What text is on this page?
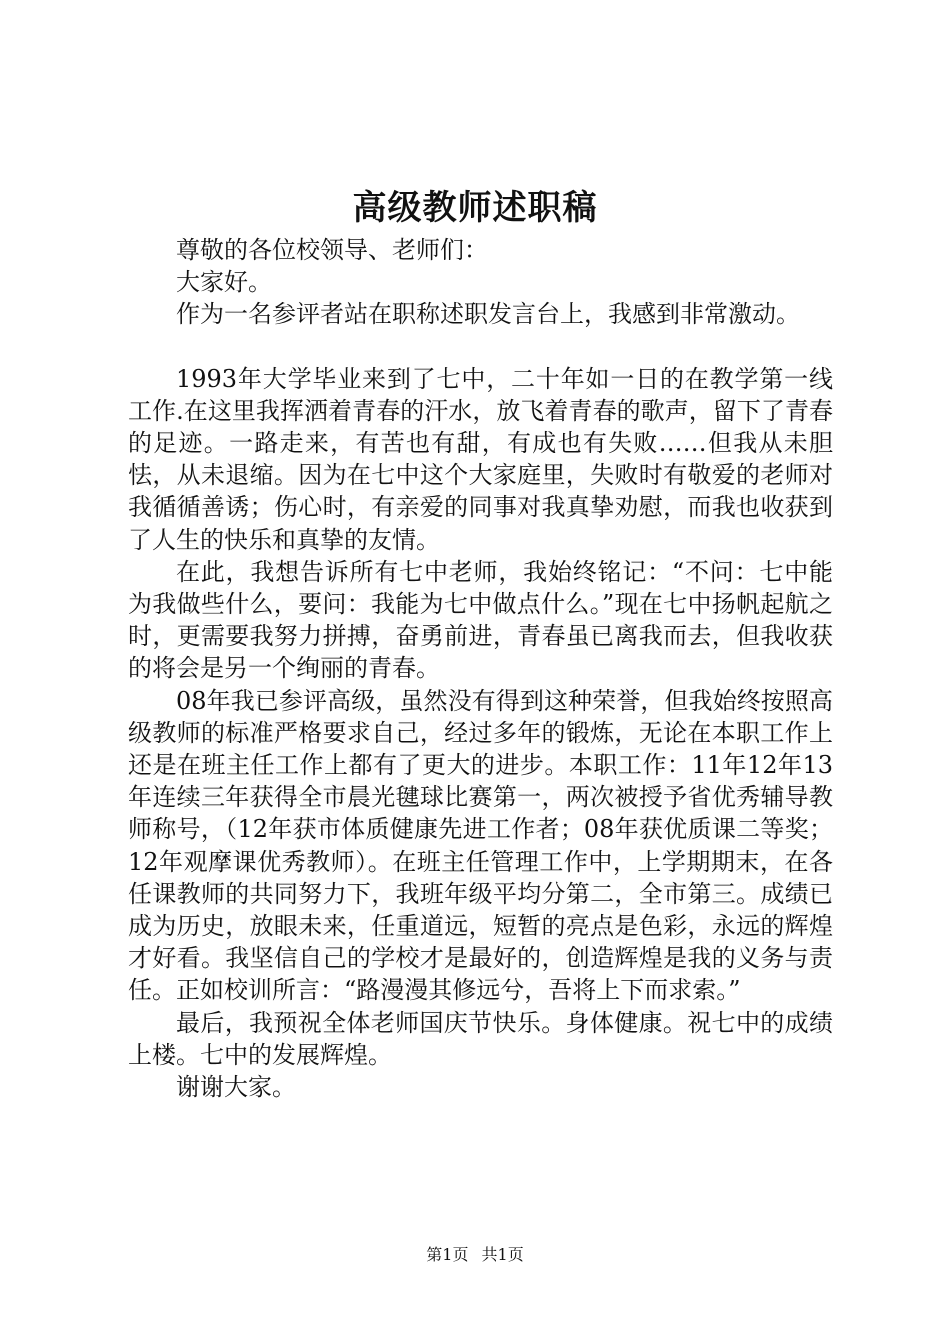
高级教师述职稿

尊敬的各位校领导、老师们：

大家好。

作为一名参评者站在职称述职发言台上，我感到非常激动。

1993年大学毕业来到了七中，二十年如一日的在教学第一线工作.在这里我挥洒着青春的汗水，放飞着青春的歌声，留下了青春的足迹。一路走来，有苦也有甜，有成也有失败……但我从未胆怯，从未退缩。因为在七中这个大家庭里，失败时有敬爱的老师对我循循善诱；伤心时，有亲爱的同事对我真挚劝慰，而我也收获到了人生的快乐和真挚的友情。

在此，我想告诉所有七中老师，我始终铭记：“不问：七中能为我做些什么，要问：我能为七中做点什么。”现在七中扬帆起航之时，更需要我努力拼搏，奋勇前进，青春虽已离我而去，但我收获的将会是另一个绚丽的青春。

08年我已参评高级，虽然没有得到这种荣誉，但我始终按照高级教师的标准严格要求自己，经过多年的锻炼，无论在本职工作上还是在班主任工作上都有了更大的进步。本职工作：11年12年13年连续三年获得全市晨光毽球比赛第一，两次被授予省优秀辅导教师称号，（12年获市体质健康先进工作者；08年获优质课二等奖；12年观摩课优秀教师）。在班主任管理工作中，上学期期末，在各任课教师的共同努力下，我班年级平均分第二，全市第三。成绩已成为历史，放眼未来，任重道远，短暂的亮点是色彩，永远的辉煌才好看。我坚信自己的学校才是最好的，创造辉煌是我的义务与责任。正如校训所言：“路漫漫其修远兮，吾将上下而求索。”

最后，我预祝全体老师国庆节快乐。身体健康。祝七中的成绩上楼。七中的发展辉煌。

谢谢大家。

第1页 共1页
